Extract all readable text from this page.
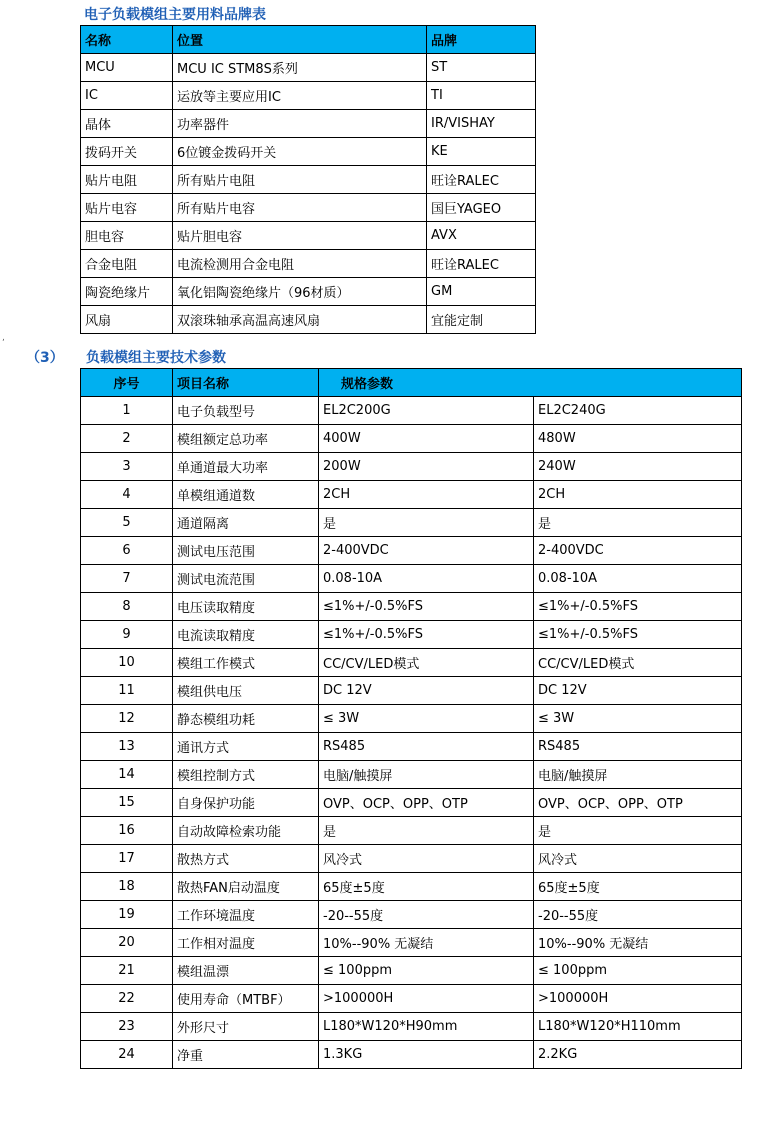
电子负载模组主要用料品牌表
名称	位置	品牌
MCU	MCU IC STM8S系列	ST
IC	运放等主要应用IC	TI
晶体	功率器件	IR/VISHAY
拨码开关	6位镀金拨码开关	KE
贴片电阻	所有贴片电阻	旺诠RALEC
贴片电容	所有贴片电容	国巨YAGEO
胆电容	贴片胆电容	AVX
合金电阻	电流检测用合金电阻	旺诠RALEC
陶瓷绝缘片	氧化铝陶瓷绝缘片（96材质）	GM
风扇	双滚珠轴承高温高速风扇	宜能定制
,
（3） 负载模组主要技术参数
序号	项目名称	规格参数	
1	电子负载型号	EL2C200G	EL2C240G
2	模组额定总功率	400W	480W
3	单通道最大功率	200W	240W
4	单模组通道数	2CH	2CH
5	通道隔离	是	是
6	测试电压范围	2-400VDC	2-400VDC
7	测试电流范围	0.08-10A	0.08-10A
8	电压读取精度	≤1%+/-0.5%FS	≤1%+/-0.5%FS
9	电流读取精度	≤1%+/-0.5%FS	≤1%+/-0.5%FS
10	模组工作模式	CC/CV/LED模式	CC/CV/LED模式
11	模组供电压	DC 12V	DC 12V
12	静态模组功耗	≤ 3W	≤ 3W
13	通讯方式	RS485	RS485
14	模组控制方式	电脑/触摸屏	电脑/触摸屏
15	自身保护功能	OVP、OCP、OPP、OTP	OVP、OCP、OPP、OTP
16	自动故障检索功能	是	是
17	散热方式	风冷式	风冷式
18	散热FAN启动温度	65度±5度	65度±5度
19	工作环境温度	-20--55度	-20--55度
20	工作相对温度	10%--90% 无凝结	10%--90% 无凝结
21	模组温漂	≤ 100ppm	≤ 100ppm
22	使用寿命（MTBF）	>100000H	>100000H
23	外形尺寸	L180*W120*H90mm	L180*W120*H110mm
24	净重	1.3KG	2.2KG
